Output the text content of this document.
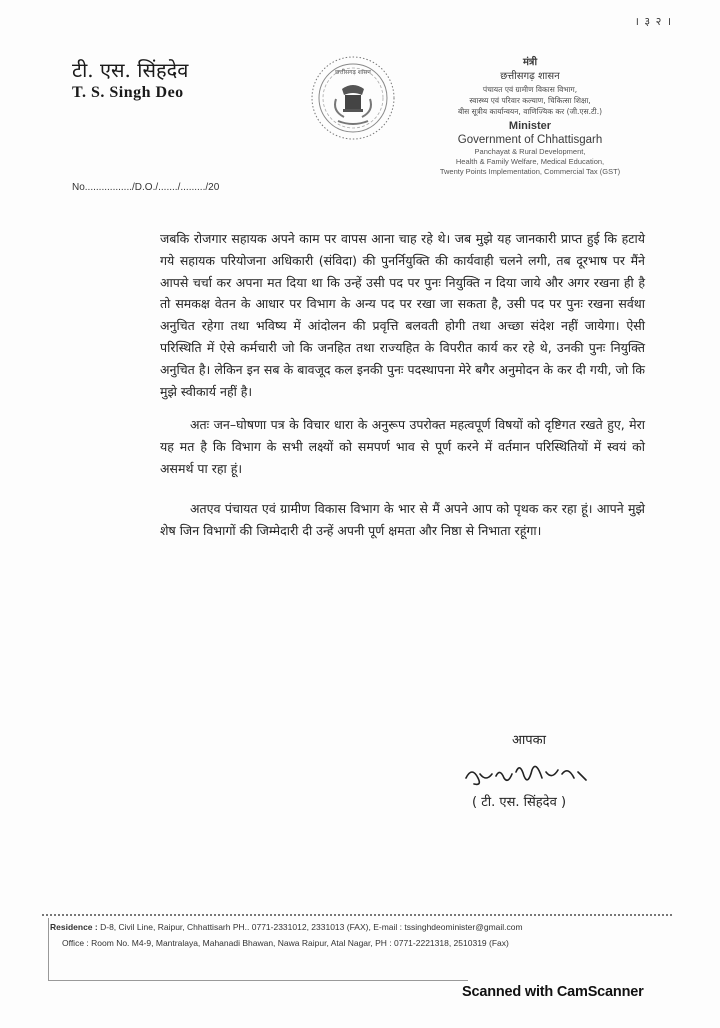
। ३ २ ।
टी. एस. सिंहदेव
T. S. Singh Deo
छत्तीसगढ़ शासन
मंत्री
छत्तीसगढ़ शासन
पंचायत एवं ग्रामीण विकास विभाग,
स्वास्थ्य एवं परिवार कल्याण, चिकित्सा शिक्षा,
बीस सूत्रीय कार्यान्वयन, वाणिज्यिक कर (जी.एस.टी.)
Minister
Government of Chhattisgarh
Panchayat & Rural Development,
Health & Family Welfare, Medical Education,
Twenty Points Implementation, Commercial Tax (GST)
No................./D.O./......./........./20

जबकि रोजगार सहायक अपने काम पर वापस आना चाह रहे थे। जब मुझे यह जानकारी प्राप्त हुई कि हटाये गये सहायक परियोजना अधिकारी (संविदा) की पुनर्नियुक्ति की कार्यवाही चलने लगी, तब दूरभाष पर मैंने आपसे चर्चा कर अपना मत दिया था कि उन्हें उसी पद पर पुनः नियुक्ति न दिया जाये और अगर रखना ही है तो समकक्ष वेतन के आधार पर विभाग के अन्य पद पर रखा जा सकता है, उसी पद पर पुनः रखना सर्वथा अनुचित रहेगा तथा भविष्य में आंदोलन की प्रवृत्ति बलवती होगी तथा अच्छा संदेश नहीं जायेगा। ऐसी परिस्थिति में ऐसे कर्मचारी जो कि जनहित तथा राज्यहित के विपरीत कार्य कर रहे थे, उनकी पुनः नियुक्ति अनुचित है। लेकिन इन सब के बावजूद कल इनकी पुनः पदस्थापना मेरे बगैर अनुमोदन के कर दी गयी, जो कि मुझे स्वीकार्य नहीं है।

अतः जन–घोषणा पत्र के विचार धारा के अनुरूप उपरोक्त महत्वपूर्ण विषयों को दृष्टिगत रखते हुए, मेरा यह मत है कि विभाग के सभी लक्ष्यों को समपर्ण भाव से पूर्ण करने में वर्तमान परिस्थितियों में स्वयं को असमर्थ पा रहा हूं।

अतएव पंचायत एवं ग्रामीण विकास विभाग के भार से मैं अपने आप को पृथक कर रहा हूं। आपने मुझे शेष जिन विभागों की जिम्मेदारी दी उन्हें अपनी पूर्ण क्षमता और निष्ठा से निभाता रहूंगा।

आपका
( टी. एस. सिंहदेव )
Residence : D-8, Civil Line, Raipur, Chhattisarh PH.. 0771-2331012, 2331013 (FAX), E-mail : tssinghdeominister@gmail.com
Office : Room No. M4-9, Mantralaya, Mahanadi Bhawan, Nawa Raipur, Atal Nagar, PH : 0771-2221318, 2510319 (Fax)
Scanned with CamScanner
